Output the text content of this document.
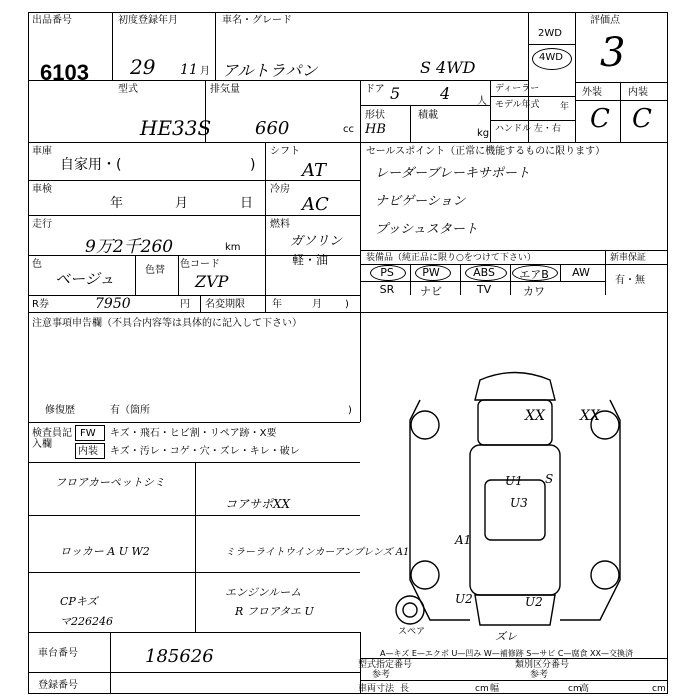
出品番号
6103
初度登録年月
29 11 月
車名・グレード
アルトラパン	S 4WD
2WD
4WD
評価点
3
型式
HE33S
排気量
660	cc
ドア 5 4	人
形状
HB
積載
kg
ディーラー
年
モデル年式
ハンドル 左・右
外装	内装
C C
車庫
自家用・(	)
車検
年	月	日
走行
9万2千260	km
色
ベージュ	色替
色コード
ZVP
R券	7950	円 名変期限	年	月 )
シフト
AT
冷房
AC
燃料
ガソリン
軽・油
セールスポイント（正常に機能するものに限ります）
レーダーブレーキサポート
ナビゲーション
プッシュスタート
装備品（純正品に限り○をつけて下さい）	新車保証
有・無
PS	PW	ABS	エアB	AW
SR	ナビ	TV	カワ
注意事項申告欄（不具合内容等は具体的に記入して下さい）
修復歴	有（箇所	)
検査員記入欄
FW キズ・飛石・ヒビ割・リペア跡・X要
内装 キズ・汚レ・コゲ・穴・ズレ・キレ・破レ
フロアカーペットシミ
コアサポXX
ロッカー A U W2	ミラーライトウインカーアンプレンズ A1
CPキズ
エンジンルーム
R フロアタエ U
マ226246
車台番号	185626
登録番号
XX	XX
U3
U1
A1
U2	U2
S
スペア	ズレ
A—キズ E—エクボ U—凹み W—補修跡 S—サビ C—腐食 XX—交換済
型式指定番号
参考
類別区分番号
参考
車両寸法 長	cm 幅	cm
高	cm
